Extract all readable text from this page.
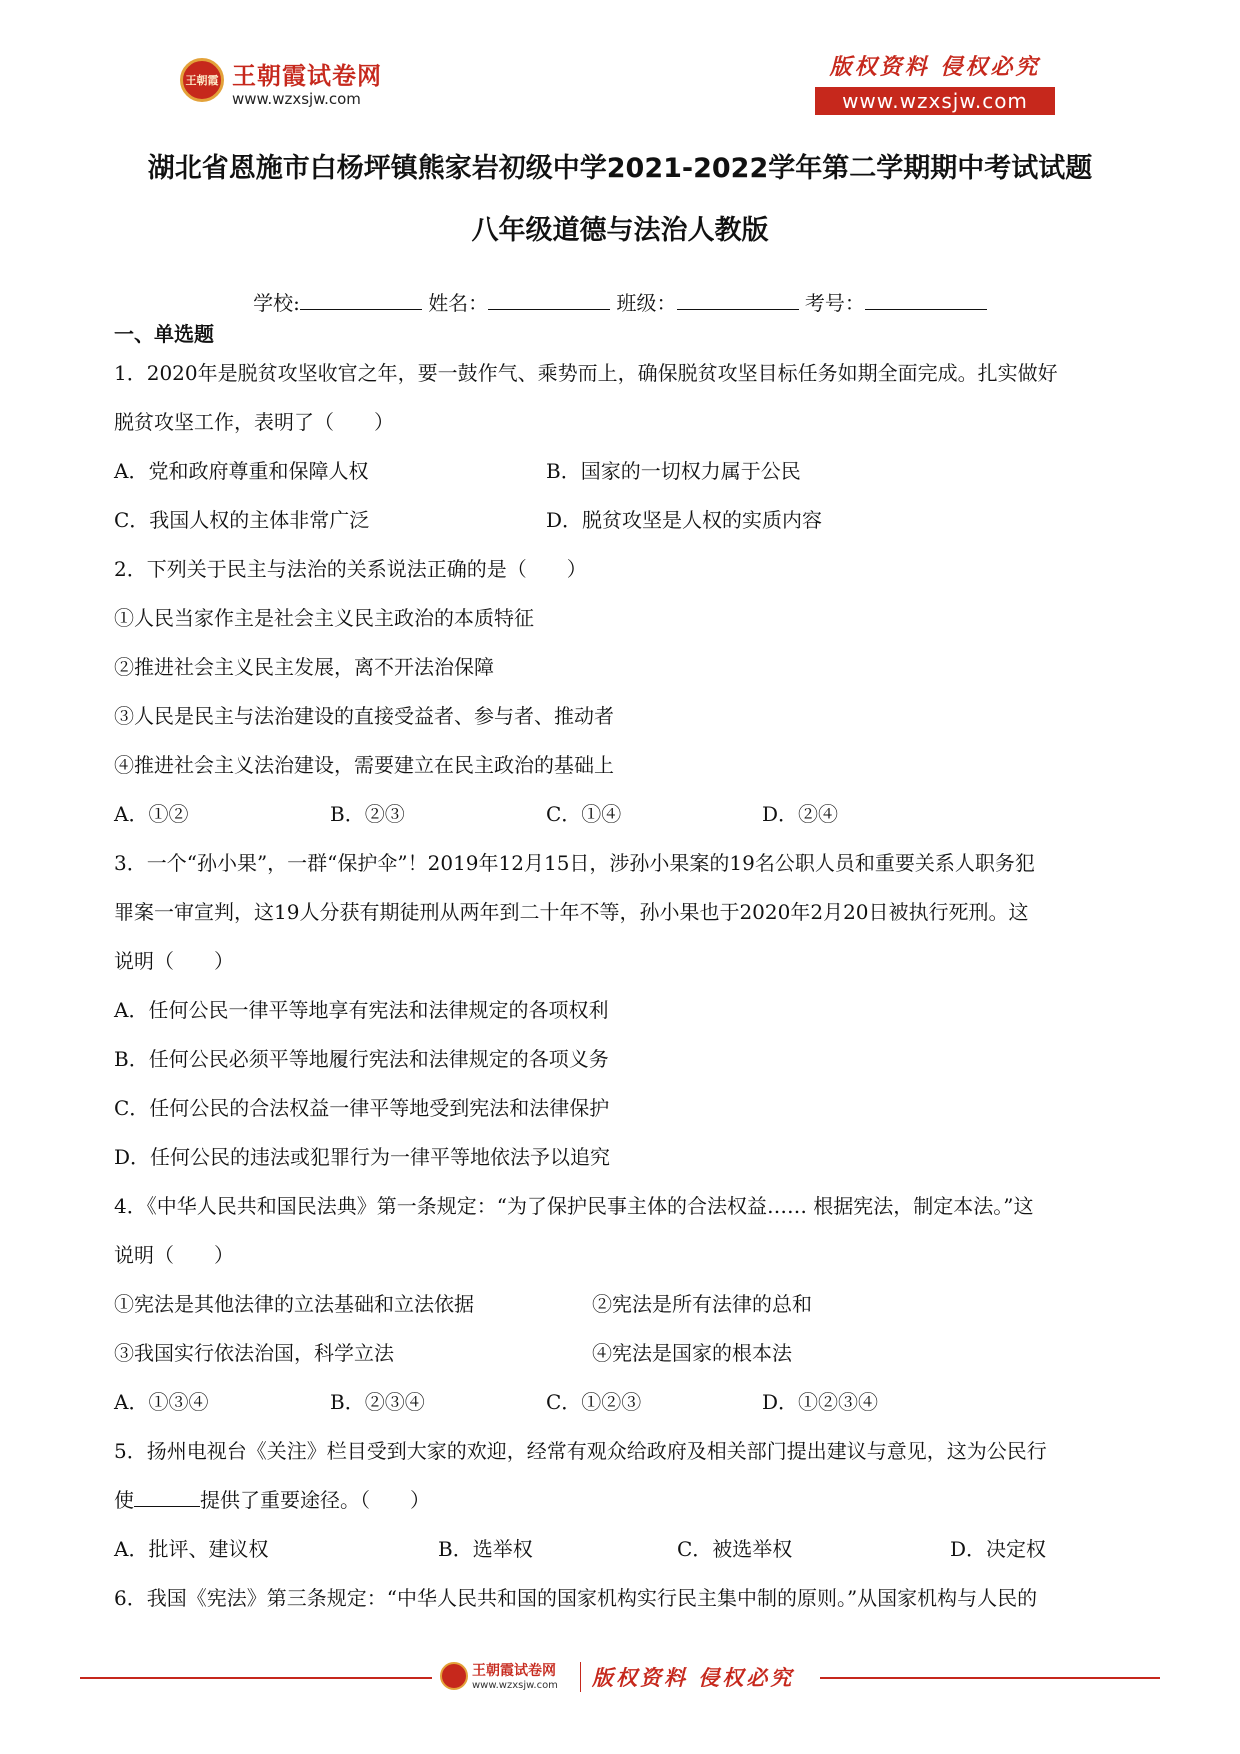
王朝霞 王朝霞试卷网
www.wzxsjw.com
版权资料 侵权必究
www.wzxsjw.com
湖北省恩施市白杨坪镇熊家岩初级中学2021-2022学年第二学期期中考试试题
八年级道德与法治人教版
学校:	姓名：	班级：	考号：
一、单选题
1．2020年是脱贫攻坚收官之年，要一鼓作气、乘势而上，确保脱贫攻坚目标任务如期全面完成。扎实做好
脱贫攻坚工作，表明了（　　）
A．党和政府尊重和保障人权	B．国家的一切权力属于公民
C．我国人权的主体非常广泛	D．脱贫攻坚是人权的实质内容
2．下列关于民主与法治的关系说法正确的是（　　）
①人民当家作主是社会主义民主政治的本质特征
②推进社会主义民主发展，离不开法治保障
③人民是民主与法治建设的直接受益者、参与者、推动者
④推进社会主义法治建设，需要建立在民主政治的基础上
A．①②	B．②③	C．①④	D．②④
3．一个“孙小果”，一群“保护伞”！2019年12月15日，涉孙小果案的19名公职人员和重要关系人职务犯
罪案一审宣判，这19人分获有期徒刑从两年到二十年不等，孙小果也于2020年2月20日被执行死刑。这
说明（　　）
A．任何公民一律平等地享有宪法和法律规定的各项权利
B．任何公民必须平等地履行宪法和法律规定的各项义务
C．任何公民的合法权益一律平等地受到宪法和法律保护
D．任何公民的违法或犯罪行为一律平等地依法予以追究
4．《中华人民共和国民法典》第一条规定：“为了保护民事主体的合法权益…… 根据宪法，制定本法。”这
说明（　　）
①宪法是其他法律的立法基础和立法依据	②宪法是所有法律的总和
③我国实行依法治国，科学立法	④宪法是国家的根本法
A．①③④	B．②③④	C．①②③	D．①②③④
5．扬州电视台《关注》栏目受到大家的欢迎，经常有观众给政府及相关部门提出建议与意见，这为公民行
使	提供了重要途径。（　　）
A．批评、建议权	B．选举权	C．被选举权	D．决定权
6．我国《宪法》第三条规定：“中华人民共和国的国家机构实行民主集中制的原则。”从国家机构与人民的
王朝霞试卷网
www.wzxsjw.com 版权资料 侵权必究
